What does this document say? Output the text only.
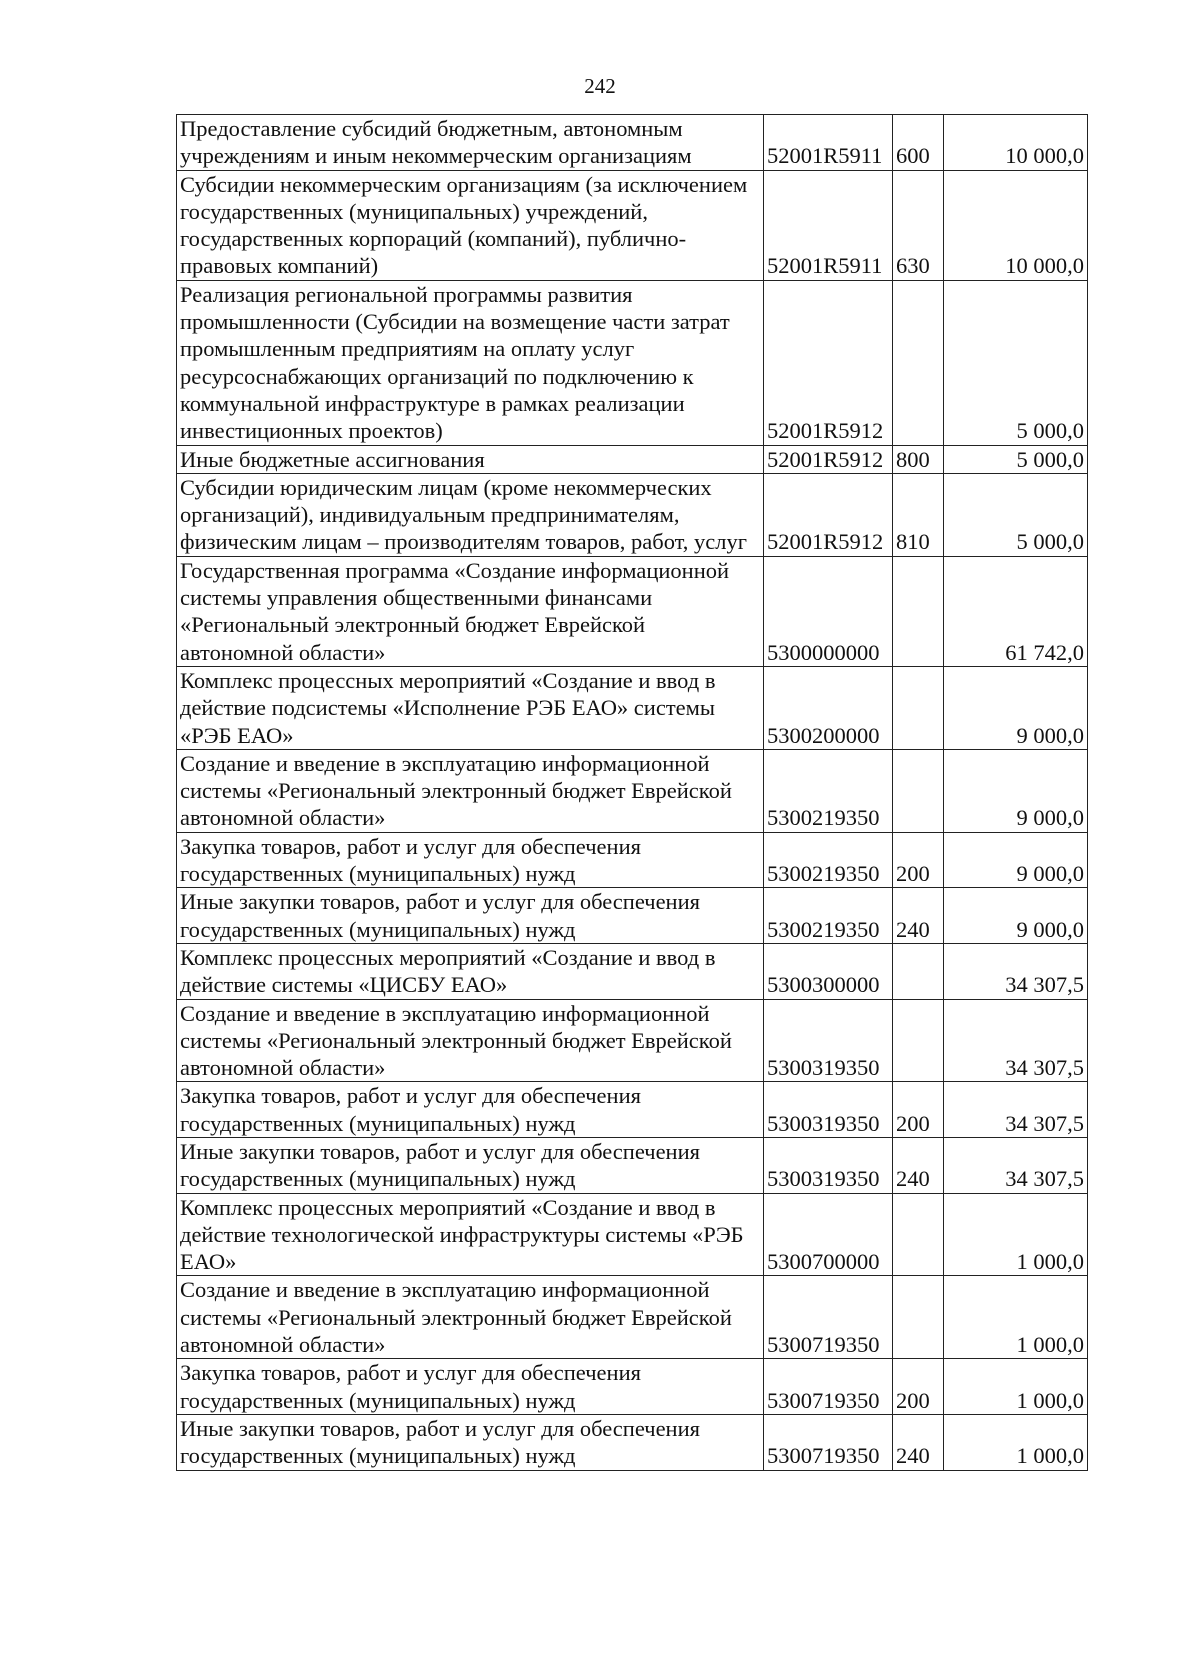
242
Предоставление субсидий бюджетным, автономным учреждениям и иным некоммерческим организациям	52001R5911	600	10 000,0
Субсидии некоммерческим организациям (за исключением государственных (муниципальных) учреждений, государственных корпораций (компаний), публично-правовых компаний)	52001R5911	630	10 000,0
Реализация региональной программы развития промышленности (Субсидии на возмещение части затрат промышленным предприятиям на оплату услуг ресурсоснабжающих организаций по подключению к коммунальной инфраструктуре в рамках реализации инвестиционных проектов)	52001R5912		5 000,0
Иные бюджетные ассигнования	52001R5912	800	5 000,0
Субсидии юридическим лицам (кроме некоммерческих организаций), индивидуальным предпринимателям, физическим лицам – производителям товаров, работ, услуг	52001R5912	810	5 000,0
Государственная программа «Создание информационной системы управления общественными финансами «Региональный электронный бюджет Еврейской автономной области»	5300000000		61 742,0
Комплекс процессных мероприятий «Создание и ввод в действие подсистемы «Исполнение РЭБ ЕАО» системы «РЭБ ЕАО»	5300200000		9 000,0
Создание и введение в эксплуатацию информационной системы «Региональный электронный бюджет Еврейской автономной области»	5300219350		9 000,0
Закупка товаров, работ и услуг для обеспечения государственных (муниципальных) нужд	5300219350	200	9 000,0
Иные закупки товаров, работ и услуг для обеспечения государственных (муниципальных) нужд	5300219350	240	9 000,0
Комплекс процессных мероприятий «Создание и ввод в действие системы «ЦИСБУ ЕАО»	5300300000		34 307,5
Создание и введение в эксплуатацию информационной системы «Региональный электронный бюджет Еврейской автономной области»	5300319350		34 307,5
Закупка товаров, работ и услуг для обеспечения государственных (муниципальных) нужд	5300319350	200	34 307,5
Иные закупки товаров, работ и услуг для обеспечения государственных (муниципальных) нужд	5300319350	240	34 307,5
Комплекс процессных мероприятий «Создание и ввод в действие технологической инфраструктуры системы «РЭБ ЕАО»	5300700000		1 000,0
Создание и введение в эксплуатацию информационной системы «Региональный электронный бюджет Еврейской автономной области»	5300719350		1 000,0
Закупка товаров, работ и услуг для обеспечения государственных (муниципальных) нужд	5300719350	200	1 000,0
Иные закупки товаров, работ и услуг для обеспечения государственных (муниципальных) нужд	5300719350	240	1 000,0
